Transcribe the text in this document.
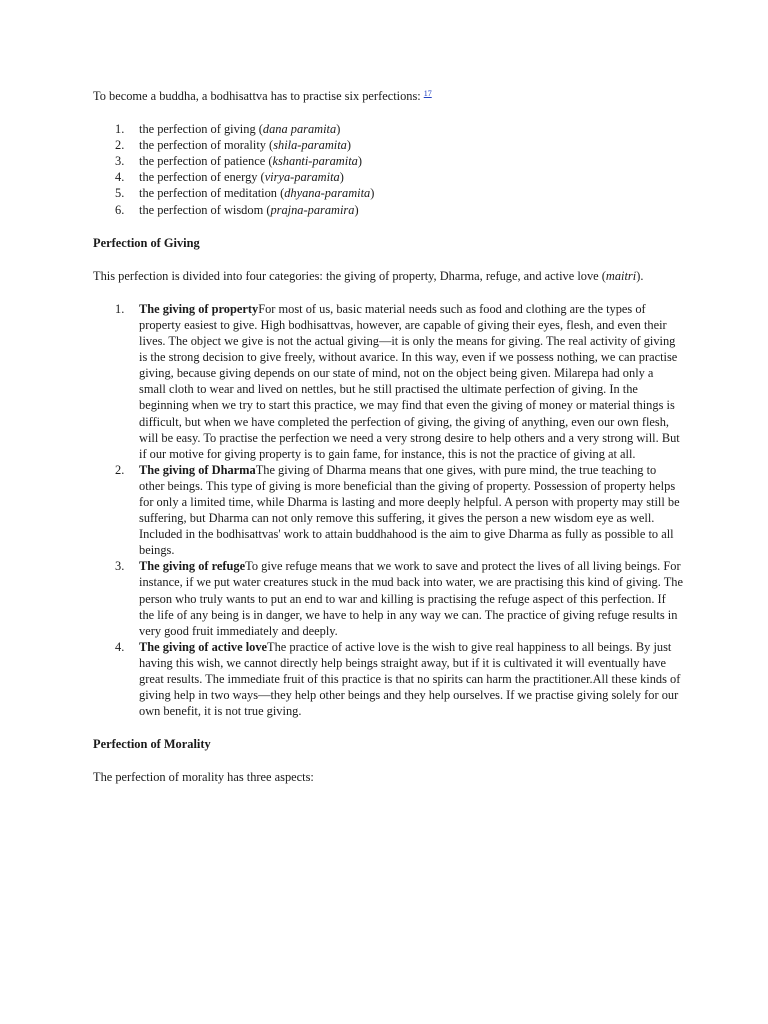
To become a buddha, a bodhisattva has to practise six perfections: $^{17}$

1. the perfection of giving (dana paramita)
2. the perfection of morality (shila-paramita)
3. the perfection of patience (kshanti-paramita)
4. the perfection of energy (virya-paramita)
5. the perfection of meditation (dhyana-paramita)
6. the perfection of wisdom (prajna-paramira)

Perfection of Giving

This perfection is divided into four categories: the giving of property, Dharma, refuge, and active love (maitri).

1. The giving of propertyFor most of us, basic material needs such as food and clothing are the types of property easiest to give. High bodhisattvas, however, are capable of giving their eyes, flesh, and even their lives. The object we give is not the actual giving—it is only the means for giving. The real activity of giving is the strong decision to give freely, without avarice. In this way, even if we possess nothing, we can practise giving, because giving depends on our state of mind, not on the object being given. Milarepa had only a small cloth to wear and lived on nettles, but he still practised the ultimate perfection of giving. In the beginning when we try to start this practice, we may find that even the giving of money or material things is difficult, but when we have completed the perfection of giving, the giving of anything, even our own flesh, will be easy. To practise the perfection we need a very strong desire to help others and a very strong will. But if our motive for giving property is to gain fame, for instance, this is not the practice of giving at all.
2. The giving of DharmaThe giving of Dharma means that one gives, with pure mind, the true teaching to other beings. This type of giving is more beneficial than the giving of property. Possession of property helps for only a limited time, while Dharma is lasting and more deeply helpful. A person with property may still be suffering, but Dharma can not only remove this suffering, it gives the person a new wisdom eye as well. Included in the bodhisattvas' work to attain buddhahood is the aim to give Dharma as fully as possible to all beings.
3. The giving of refugeTo give refuge means that we work to save and protect the lives of all living beings. For instance, if we put water creatures stuck in the mud back into water, we are practising this kind of giving. The person who truly wants to put an end to war and killing is practising the refuge aspect of this perfection. If the life of any being is in danger, we have to help in any way we can. The practice of giving refuge results in very good fruit immediately and deeply.
4. The giving of active loveThe practice of active love is the wish to give real happiness to all beings. By just having this wish, we cannot directly help beings straight away, but if it is cultivated it will eventually have great results. The immediate fruit of this practice is that no spirits can harm the practitioner.All these kinds of giving help in two ways—they help other beings and they help ourselves. If we practise giving solely for our own benefit, it is not true giving.

Perfection of Morality

The perfection of morality has three aspects:
